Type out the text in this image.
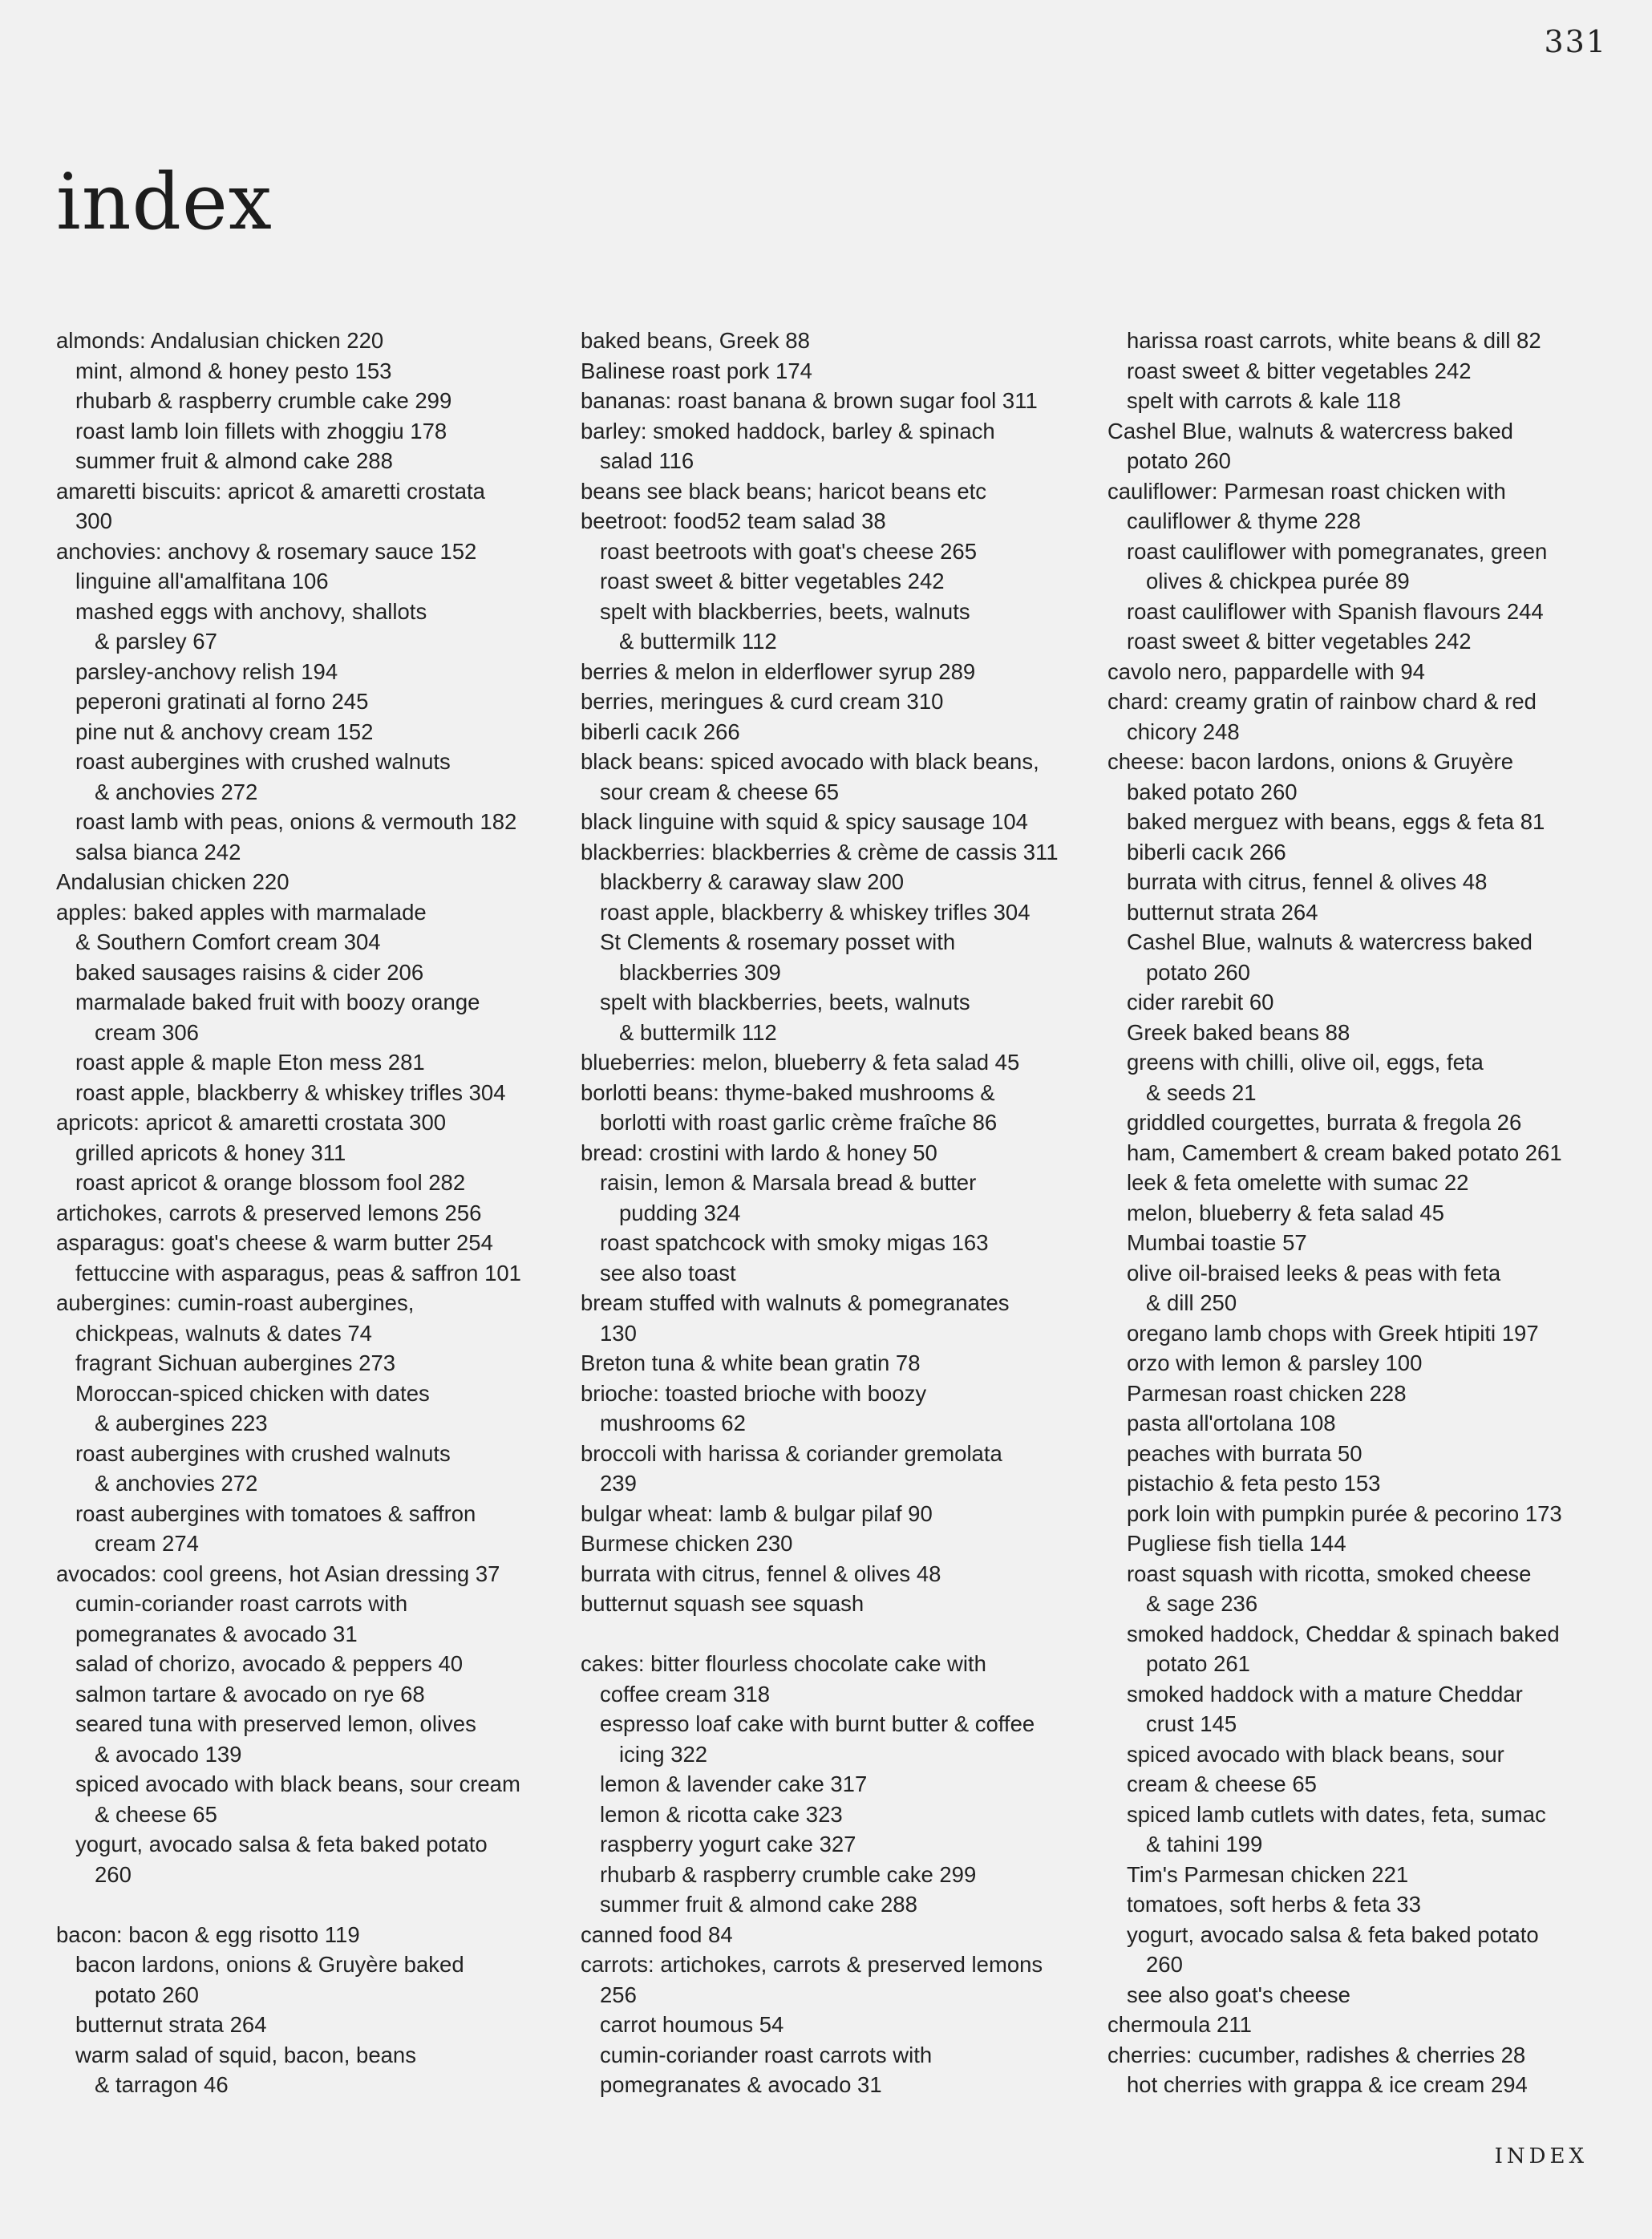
331
index
almonds: Andalusian chicken 220
mint, almond & honey pesto 153
rhubarb & raspberry crumble cake 299
roast lamb loin fillets with zhoggiu 178
summer fruit & almond cake 288
amaretti biscuits: apricot & amaretti crostata
300
anchovies: anchovy & rosemary sauce 152
linguine all'amalfitana 106
mashed eggs with anchovy, shallots
& parsley 67
parsley-anchovy relish 194
peperoni gratinati al forno 245
pine nut & anchovy cream 152
roast aubergines with crushed walnuts
& anchovies 272
roast lamb with peas, onions & vermouth 182
salsa bianca 242
Andalusian chicken 220
apples: baked apples with marmalade
& Southern Comfort cream 304
baked sausages raisins & cider 206
marmalade baked fruit with boozy orange
cream 306
roast apple & maple Eton mess 281
roast apple, blackberry & whiskey trifles 304
apricots: apricot & amaretti crostata 300
grilled apricots & honey 311
roast apricot & orange blossom fool 282
artichokes, carrots & preserved lemons 256
asparagus: goat's cheese & warm butter 254
fettuccine with asparagus, peas & saffron 101
aubergines: cumin-roast aubergines,
chickpeas, walnuts & dates 74
fragrant Sichuan aubergines 273
Moroccan-spiced chicken with dates
& aubergines 223
roast aubergines with crushed walnuts
& anchovies 272
roast aubergines with tomatoes & saffron
cream 274
avocados: cool greens, hot Asian dressing 37
cumin-coriander roast carrots with
pomegranates & avocado 31
salad of chorizo, avocado & peppers 40
salmon tartare & avocado on rye 68
seared tuna with preserved lemon, olives
& avocado 139
spiced avocado with black beans, sour cream
& cheese 65
yogurt, avocado salsa & feta baked potato
260
bacon: bacon & egg risotto 119
bacon lardons, onions & Gruyère baked
potato 260
butternut strata 264
warm salad of squid, bacon, beans
& tarragon 46
baked beans, Greek 88
Balinese roast pork 174
bananas: roast banana & brown sugar fool 311
barley: smoked haddock, barley & spinach
salad 116
beans see black beans; haricot beans etc
beetroot: food52 team salad 38
roast beetroots with goat's cheese 265
roast sweet & bitter vegetables 242
spelt with blackberries, beets, walnuts
& buttermilk 112
berries & melon in elderflower syrup 289
berries, meringues & curd cream 310
biberli cacık 266
black beans: spiced avocado with black beans,
sour cream & cheese 65
black linguine with squid & spicy sausage 104
blackberries: blackberries & crème de cassis 311
blackberry & caraway slaw 200
roast apple, blackberry & whiskey trifles 304
St Clements & rosemary posset with
blackberries 309
spelt with blackberries, beets, walnuts
& buttermilk 112
blueberries: melon, blueberry & feta salad 45
borlotti beans: thyme-baked mushrooms &
borlotti with roast garlic crème fraîche 86
bread: crostini with lardo & honey 50
raisin, lemon & Marsala bread & butter
pudding 324
roast spatchcock with smoky migas 163
see also toast
bream stuffed with walnuts & pomegranates
130
Breton tuna & white bean gratin 78
brioche: toasted brioche with boozy
mushrooms 62
broccoli with harissa & coriander gremolata
239
bulgar wheat: lamb & bulgar pilaf 90
Burmese chicken 230
burrata with citrus, fennel & olives 48
butternut squash see squash
cakes: bitter flourless chocolate cake with
coffee cream 318
espresso loaf cake with burnt butter & coffee
icing 322
lemon & lavender cake 317
lemon & ricotta cake 323
raspberry yogurt cake 327
rhubarb & raspberry crumble cake 299
summer fruit & almond cake 288
canned food 84
carrots: artichokes, carrots & preserved lemons
256
carrot houmous 54
cumin-coriander roast carrots with
pomegranates & avocado 31
harissa roast carrots, white beans & dill 82
roast sweet & bitter vegetables 242
spelt with carrots & kale 118
Cashel Blue, walnuts & watercress baked
potato 260
cauliflower: Parmesan roast chicken with
cauliflower & thyme 228
roast cauliflower with pomegranates, green
olives & chickpea purée 89
roast cauliflower with Spanish flavours 244
roast sweet & bitter vegetables 242
cavolo nero, pappardelle with 94
chard: creamy gratin of rainbow chard & red
chicory 248
cheese: bacon lardons, onions & Gruyère
baked potato 260
baked merguez with beans, eggs & feta 81
biberli cacık 266
burrata with citrus, fennel & olives 48
butternut strata 264
Cashel Blue, walnuts & watercress baked
potato 260
cider rarebit 60
Greek baked beans 88
greens with chilli, olive oil, eggs, feta
& seeds 21
griddled courgettes, burrata & fregola 26
ham, Camembert & cream baked potato 261
leek & feta omelette with sumac 22
melon, blueberry & feta salad 45
Mumbai toastie 57
olive oil-braised leeks & peas with feta
& dill 250
oregano lamb chops with Greek htipiti 197
orzo with lemon & parsley 100
Parmesan roast chicken 228
pasta all'ortolana 108
peaches with burrata 50
pistachio & feta pesto 153
pork loin with pumpkin purée & pecorino 173
Pugliese fish tiella 144
roast squash with ricotta, smoked cheese
& sage 236
smoked haddock, Cheddar & spinach baked
potato 261
smoked haddock with a mature Cheddar
crust 145
spiced avocado with black beans, sour
cream & cheese 65
spiced lamb cutlets with dates, feta, sumac
& tahini 199
Tim's Parmesan chicken 221
tomatoes, soft herbs & feta 33
yogurt, avocado salsa & feta baked potato
260
see also goat's cheese
chermoula 211
cherries: cucumber, radishes & cherries 28
hot cherries with grappa & ice cream 294
INDEX
